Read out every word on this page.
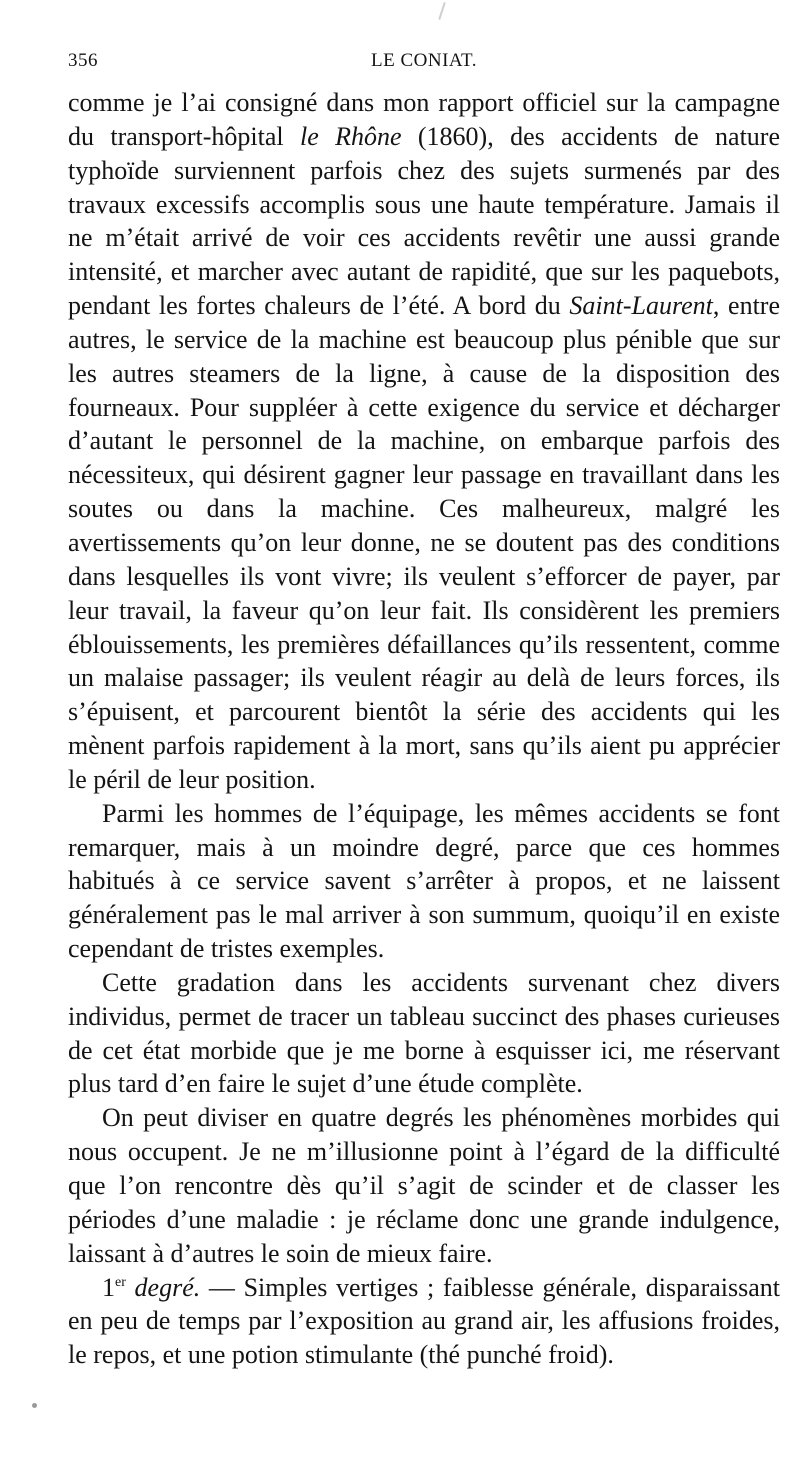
356	LE CONIAT.

comme je l’ai consigné dans mon rapport officiel sur la campagne du transport-hôpital le Rhône (1860), des accidents de nature typhoïde surviennent parfois chez des sujets surmenés par des travaux excessifs accomplis sous une haute température. Jamais il ne m’était arrivé de voir ces accidents revêtir une aussi grande intensité, et marcher avec autant de rapidité, que sur les paquebots, pendant les fortes chaleurs de l’été. A bord du Saint-Laurent, entre autres, le service de la machine est beaucoup plus pénible que sur les autres steamers de la ligne, à cause de la disposition des fourneaux. Pour suppléer à cette exigence du service et décharger d’autant le personnel de la machine, on embarque parfois des nécessiteux, qui désirent gagner leur passage en travaillant dans les soutes ou dans la machine. Ces malheureux, malgré les avertissements qu’on leur donne, ne se doutent pas des conditions dans lesquelles ils vont vivre; ils veulent s’efforcer de payer, par leur travail, la faveur qu’on leur fait. Ils considèrent les premiers éblouissements, les premières défaillances qu’ils ressentent, comme un malaise passager; ils veulent réagir au delà de leurs forces, ils s’épuisent, et parcourent bientôt la série des accidents qui les mènent parfois rapidement à la mort, sans qu’ils aient pu apprécier le péril de leur position.

Parmi les hommes de l’équipage, les mêmes accidents se font remarquer, mais à un moindre degré, parce que ces hommes habitués à ce service savent s’arrêter à propos, et ne laissent généralement pas le mal arriver à son summum, quoiqu’il en existe cependant de tristes exemples.

Cette gradation dans les accidents survenant chez divers individus, permet de tracer un tableau succinct des phases curieuses de cet état morbide que je me borne à esquisser ici, me réservant plus tard d’en faire le sujet d’une étude complète.

On peut diviser en quatre degrés les phénomènes morbides qui nous occupent. Je ne m’illusionne point à l’égard de la difficulté que l’on rencontre dès qu’il s’agit de scinder et de classer les périodes d’une maladie : je réclame donc une grande indulgence, laissant à d’autres le soin de mieux faire.

1er degré. — Simples vertiges ; faiblesse générale, disparaissant en peu de temps par l’exposition au grand air, les affusions froides, le repos, et une potion stimulante (thé punché froid).
